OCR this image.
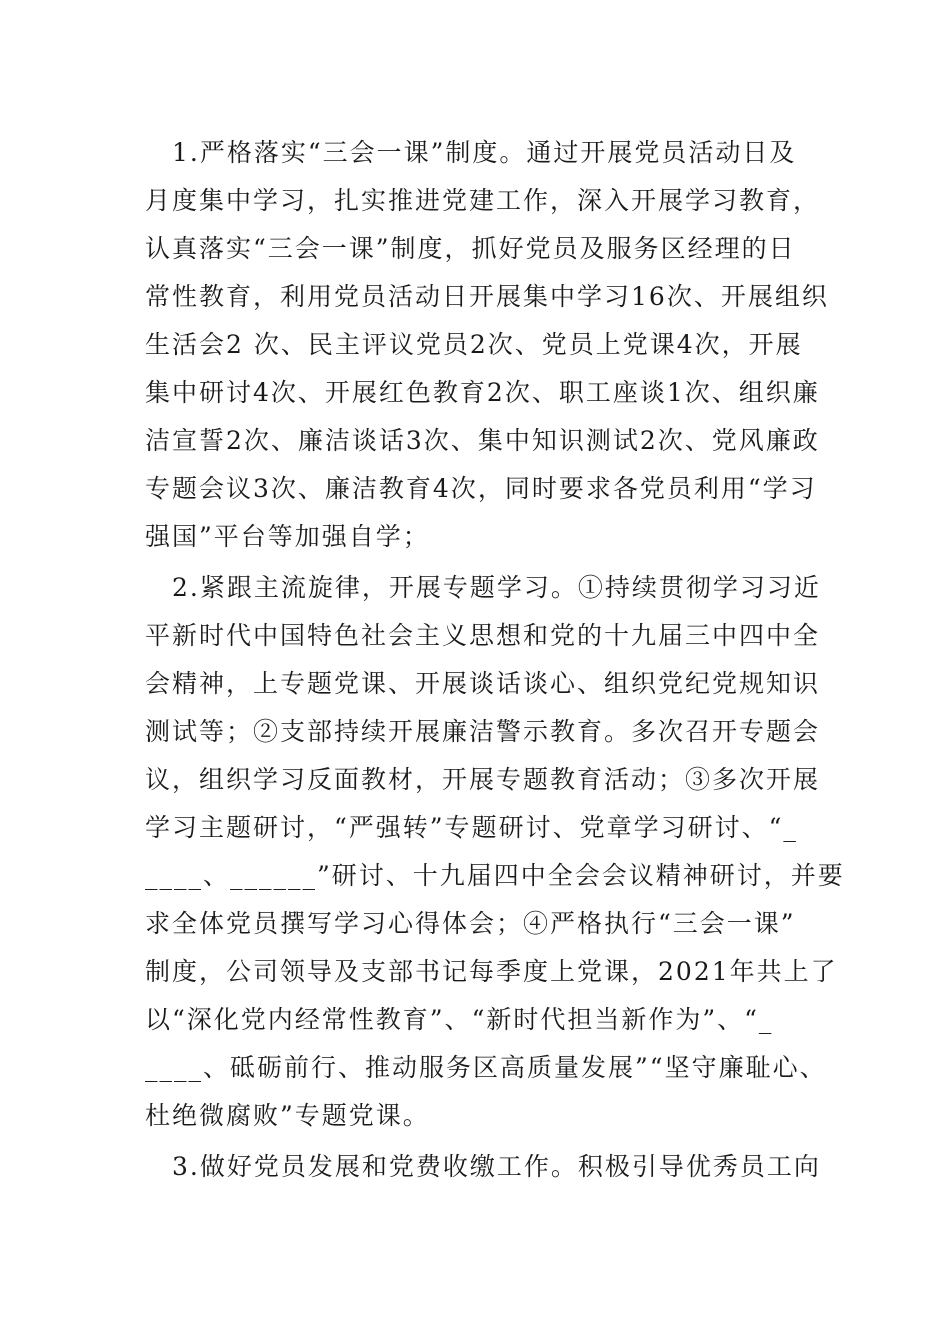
1.严格落实“三会一课”制度。通过开展党员活动日及
月度集中学习，扎实推进党建工作，深入开展学习教育，
认真落实“三会一课”制度，抓好党员及服务区经理的日
常性教育，利用党员活动日开展集中学习16次、开展组织
生活会2 次、民主评议党员2次、党员上党课4次，开展
集中研讨4次、开展红色教育2次、职工座谈1次、组织廉
洁宣誓2次、廉洁谈话3次、集中知识测试2次、党风廉政
专题会议3次、廉洁教育4次，同时要求各党员利用“学习
强国”平台等加强自学；
2.紧跟主流旋律，开展专题学习。①持续贯彻学习习近
平新时代中国特色社会主义思想和党的十九届三中四中全
会精神，上专题党课、开展谈话谈心、组织党纪党规知识
测试等；②支部持续开展廉洁警示教育。多次召开专题会
议，组织学习反面教材，开展专题教育活动；③多次开展
学习主题研讨，“严强转”专题研讨、党章学习研讨、“_
____、______”研讨、十九届四中全会会议精神研讨，并要
求全体党员撰写学习心得体会；④严格执行“三会一课”
制度，公司领导及支部书记每季度上党课，2021年共上了
以“深化党内经常性教育”、“新时代担当新作为”、“_
____、砥砺前行、推动服务区高质量发展”“坚守廉耻心、
杜绝微腐败”专题党课。
3.做好党员发展和党费收缴工作。积极引导优秀员工向
